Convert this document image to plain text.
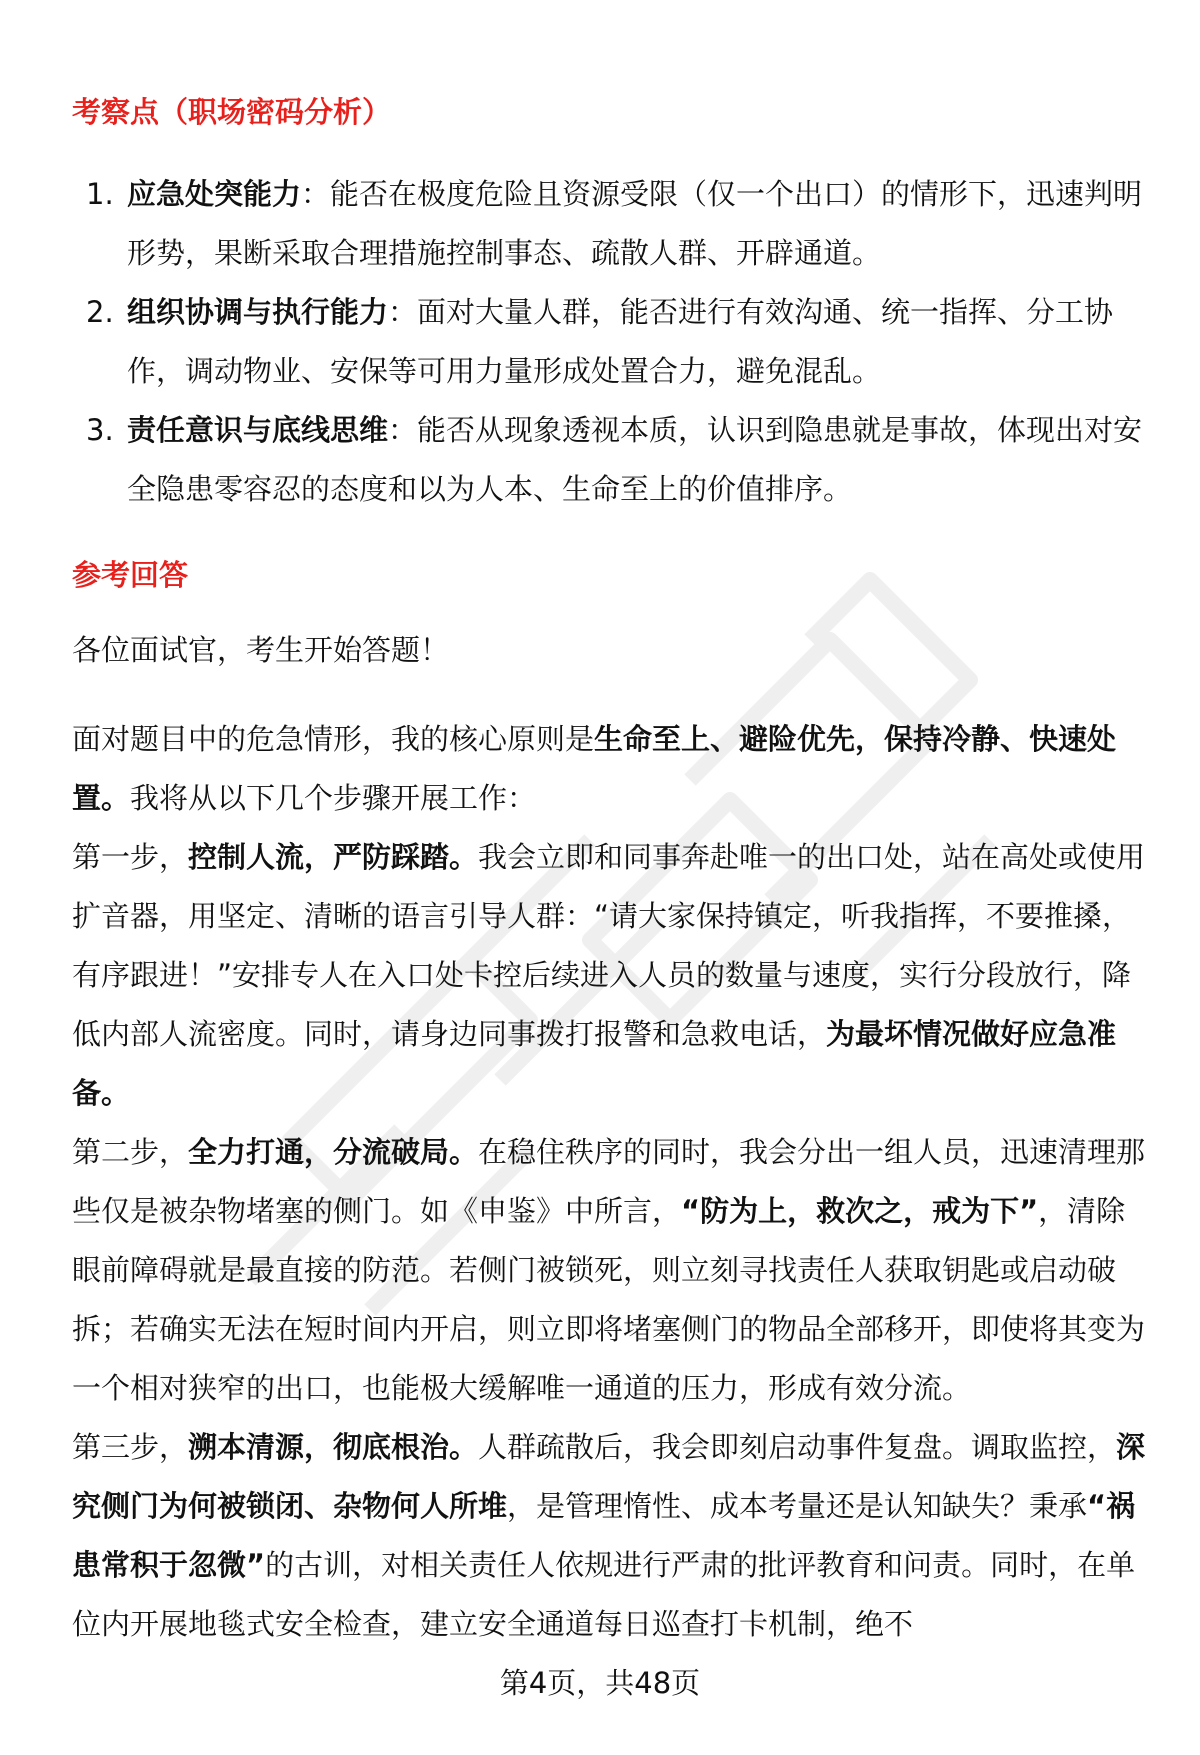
考察点（职场密码分析）
1. 应急处突能力：能否在极度危险且资源受限（仅一个出口）的情形下，迅速判明形势，果断采取合理措施控制事态、疏散人群、开辟通道。

2. 组织协调与执行能力：面对大量人群，能否进行有效沟通、统一指挥、分工协作，调动物业、安保等可用力量形成处置合力，避免混乱。

3. 责任意识与底线思维：能否从现象透视本质，认识到隐患就是事故，体现出对安全隐患零容忍的态度和以为人本、生命至上的价值排序。

参考回答

各位面试官，考生开始答题！

面对题目中的危急情形，我的核心原则是生命至上、避险优先，保持冷静、快速处置。我将从以下几个步骤开展工作：

第一步，控制人流，严防踩踏。我会立即和同事奔赴唯一的出口处，站在高处或使用扩音器，用坚定、清晰的语言引导人群：“请大家保持镇定，听我指挥，不要推搡，有序跟进！”安排专人在入口处卡控后续进入人员的数量与速度，实行分段放行，降低内部人流密度。同时，请身边同事拨打报警和急救电话，为最坏情况做好应急准备。

第二步，全力打通，分流破局。在稳住秩序的同时，我会分出一组人员，迅速清理那些仅是被杂物堵塞的侧门。如《申鉴》中所言，“防为上，救次之，戒为下”，清除眼前障碍就是最直接的防范。若侧门被锁死，则立刻寻找责任人获取钥匙或启动破拆；若确实无法在短时间内开启，则立即将堵塞侧门的物品全部移开，即使将其变为一个相对狭窄的出口，也能极大缓解唯一通道的压力，形成有效分流。

第三步，溯本清源，彻底根治。人群疏散后，我会即刻启动事件复盘。调取监控，深究侧门为何被锁闭、杂物何人所堆，是管理惰性、成本考量还是认知缺失？秉承“祸患常积于忽微”的古训，对相关责任人依规进行严肃的批评教育和问责。同时，在单位内开展地毯式安全检查，建立安全通道每日巡查打卡机制，绝不

第4页，共48页
